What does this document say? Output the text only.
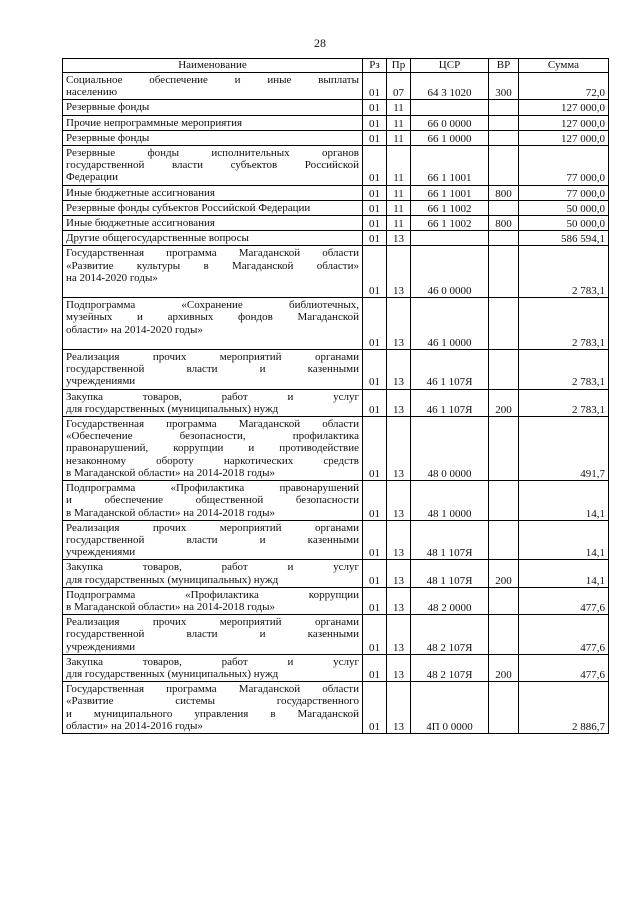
28
Наименование	Рз	Пр	ЦСР	ВР	Сумма

Социальное обеспечение и иные выплаты
населению	01	07	64 3 1020	300	72,0

Резервные фонды	01	11			127 000,0

Прочие непрограммные мероприятия	01	11	66 0 0000		127 000,0

Резервные фонды	01	11	66 1 0000		127 000,0

Резервные фонды исполнительных органов
государственной власти субъектов Российской
Федерации	01	11	66 1 1001		77 000,0

Иные бюджетные ассигнования	01	11	66 1 1001	800	77 000,0

Резервные фонды субъектов Российской Федерации	01	11	66 1 1002		50 000,0

Иные бюджетные ассигнования	01	11	66 1 1002	800	50 000,0

Другие общегосударственные вопросы	01	13			586 594,1

Государственная программа Магаданской области
«Развитие культуры в Магаданской области»
на 2014-2020 годы»	01	13	46 0 0000		2 783,1

Подпрограмма «Сохранение библиотечных,
музейных и архивных фондов Магаданской
области» на 2014-2020 годы»	01	13	46 1 0000		2 783,1

Реализация прочих мероприятий органами
государственной власти и казенными
учреждениями	01	13	46 1 107Я		2 783,1

Закупка товаров, работ и услуг
для государственных (муниципальных) нужд	01	13	46 1 107Я	200	2 783,1

Государственная программа Магаданской области
«Обеспечение безопасности, профилактика
правонарушений, коррупции и противодействие
незаконному обороту наркотических средств
в Магаданской области» на 2014-2018 годы»	01	13	48 0 0000		491,7

Подпрограмма «Профилактика правонарушений
и обеспечение общественной безопасности
в Магаданской области» на 2014-2018 годы»	01	13	48 1 0000		14,1

Реализация прочих мероприятий органами
государственной власти и казенными
учреждениями	01	13	48 1 107Я		14,1

Закупка товаров, работ и услуг
для государственных (муниципальных) нужд	01	13	48 1 107Я	200	14,1

Подпрограмма «Профилактика коррупции
в Магаданской области» на 2014-2018 годы»	01	13	48 2 0000		477,6

Реализация прочих мероприятий органами
государственной власти и казенными
учреждениями	01	13	48 2 107Я		477,6

Закупка товаров, работ и услуг
для государственных (муниципальных) нужд	01	13	48 2 107Я	200	477,6

Государственная программа Магаданской области
«Развитие системы государственного
и муниципального управления в Магаданской
области» на 2014-2016 годы»	01	13	4П 0 0000		2 886,7
